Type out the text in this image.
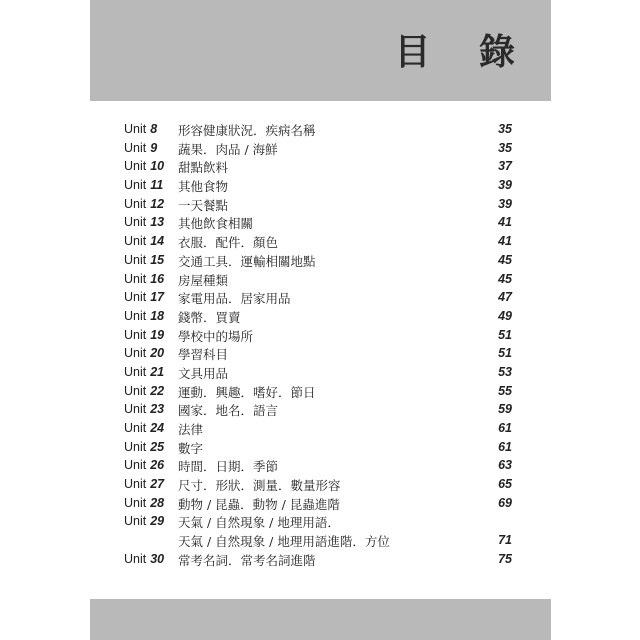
目 錄
Unit 8	形容健康狀況．疾病名稱	35
Unit 9	蔬果．肉品 / 海鮮	35
Unit 10	甜點飲料	37
Unit 11	其他食物	39
Unit 12	一天餐點	39
Unit 13	其他飲食相關	41
Unit 14	衣服．配件．顏色	41
Unit 15	交通工具．運輸相關地點	45
Unit 16	房屋種類	45
Unit 17	家電用品．居家用品	47
Unit 18	錢幣．買賣	49
Unit 19	學校中的場所	51
Unit 20	學習科目	51
Unit 21	文具用品	53
Unit 22	運動．興趣．嗜好．節日	55
Unit 23	國家．地名．語言	59
Unit 24	法律	61
Unit 25	數字	61
Unit 26	時間．日期．季節	63
Unit 27	尺寸．形狀．測量．數量形容	65
Unit 28	動物 / 昆蟲．動物 / 昆蟲進階	69
Unit 29	天氣 / 自然現象 / 地理用語．
天氣 / 自然現象 / 地理用語進階．方位	71
Unit 30	常考名詞．常考名詞進階	75
